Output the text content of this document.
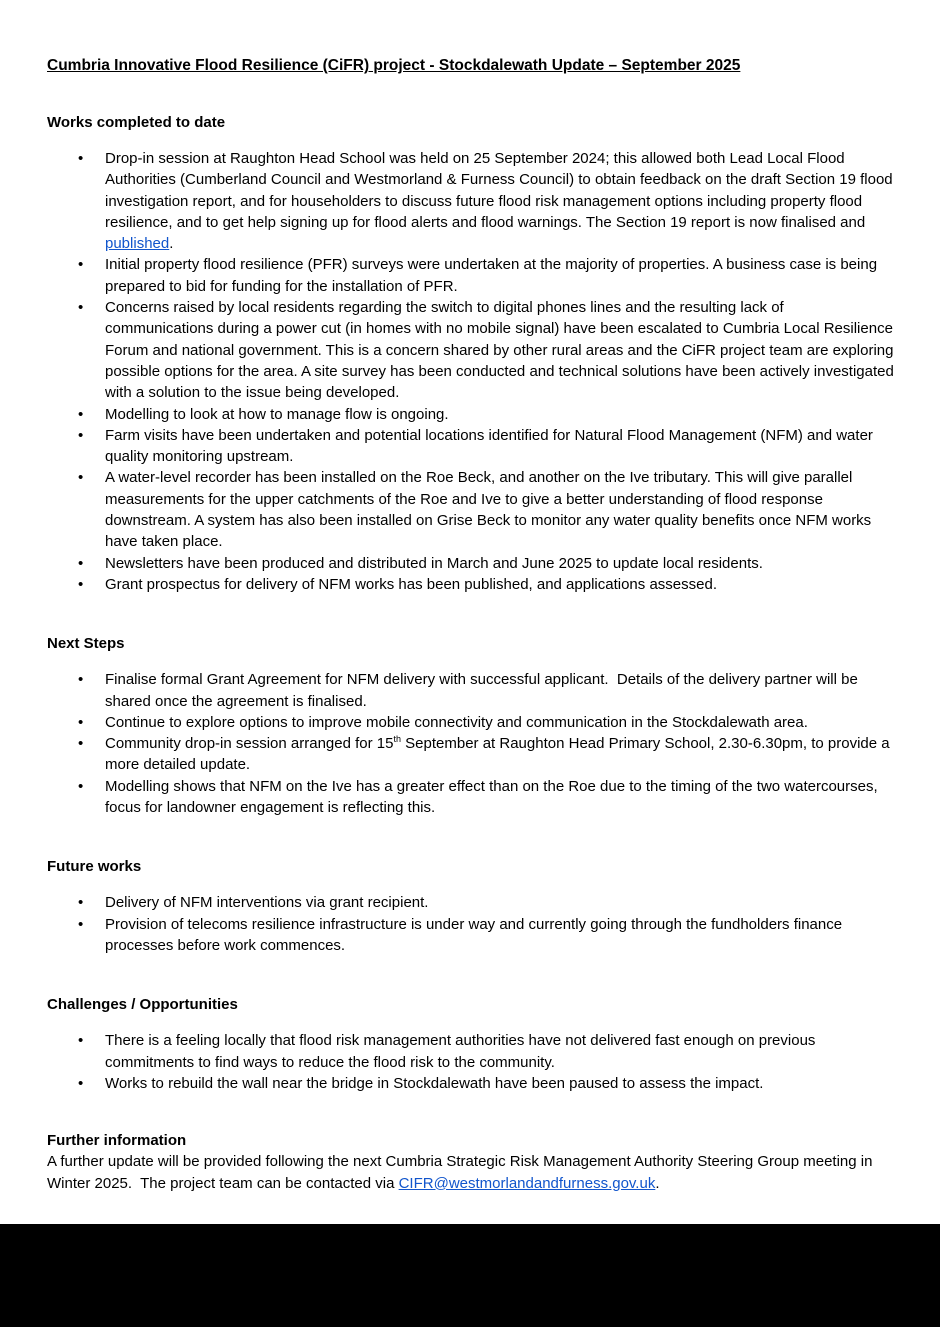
Cumbria Innovative Flood Resilience (CiFR) project - Stockdalewath Update – September 2025
Works completed to date
• Drop-in session at Raughton Head School was held on 25 September 2024; this allowed both Lead Local Flood Authorities (Cumberland Council and Westmorland & Furness Council) to obtain feedback on the draft Section 19 flood investigation report, and for householders to discuss future flood risk management options including property flood resilience, and to get help signing up for flood alerts and flood warnings. The Section 19 report is now finalised and published.
• Initial property flood resilience (PFR) surveys were undertaken at the majority of properties. A business case is being prepared to bid for funding for the installation of PFR.
• Concerns raised by local residents regarding the switch to digital phones lines and the resulting lack of communications during a power cut (in homes with no mobile signal) have been escalated to Cumbria Local Resilience Forum and national government. This is a concern shared by other rural areas and the CiFR project team are exploring possible options for the area. A site survey has been conducted and technical solutions have been actively investigated with a solution to the issue being developed.
• Modelling to look at how to manage flow is ongoing.
• Farm visits have been undertaken and potential locations identified for Natural Flood Management (NFM) and water quality monitoring upstream.
• A water-level recorder has been installed on the Roe Beck, and another on the Ive tributary. This will give parallel measurements for the upper catchments of the Roe and Ive to give a better understanding of flood response downstream. A system has also been installed on Grise Beck to monitor any water quality benefits once NFM works have taken place.
• Newsletters have been produced and distributed in March and June 2025 to update local residents.
• Grant prospectus for delivery of NFM works has been published, and applications assessed.
Next Steps
• Finalise formal Grant Agreement for NFM delivery with successful applicant.  Details of the delivery partner will be shared once the agreement is finalised.
• Continue to explore options to improve mobile connectivity and communication in the Stockdalewath area.
• Community drop-in session arranged for 15th September at Raughton Head Primary School, 2.30-6.30pm, to provide a more detailed update.
• Modelling shows that NFM on the Ive has a greater effect than on the Roe due to the timing of the two watercourses, focus for landowner engagement is reflecting this.
Future works
• Delivery of NFM interventions via grant recipient.
• Provision of telecoms resilience infrastructure is under way and currently going through the fundholders finance processes before work commences.
Challenges / Opportunities
• There is a feeling locally that flood risk management authorities have not delivered fast enough on previous commitments to find ways to reduce the flood risk to the community.
• Works to rebuild the wall near the bridge in Stockdalewath have been paused to assess the impact.
Further information

A further update will be provided following the next Cumbria Strategic Risk Management Authority Steering Group meeting in Winter 2025.  The project team can be contacted via CIFR@westmorlandandfurness.gov.uk.
